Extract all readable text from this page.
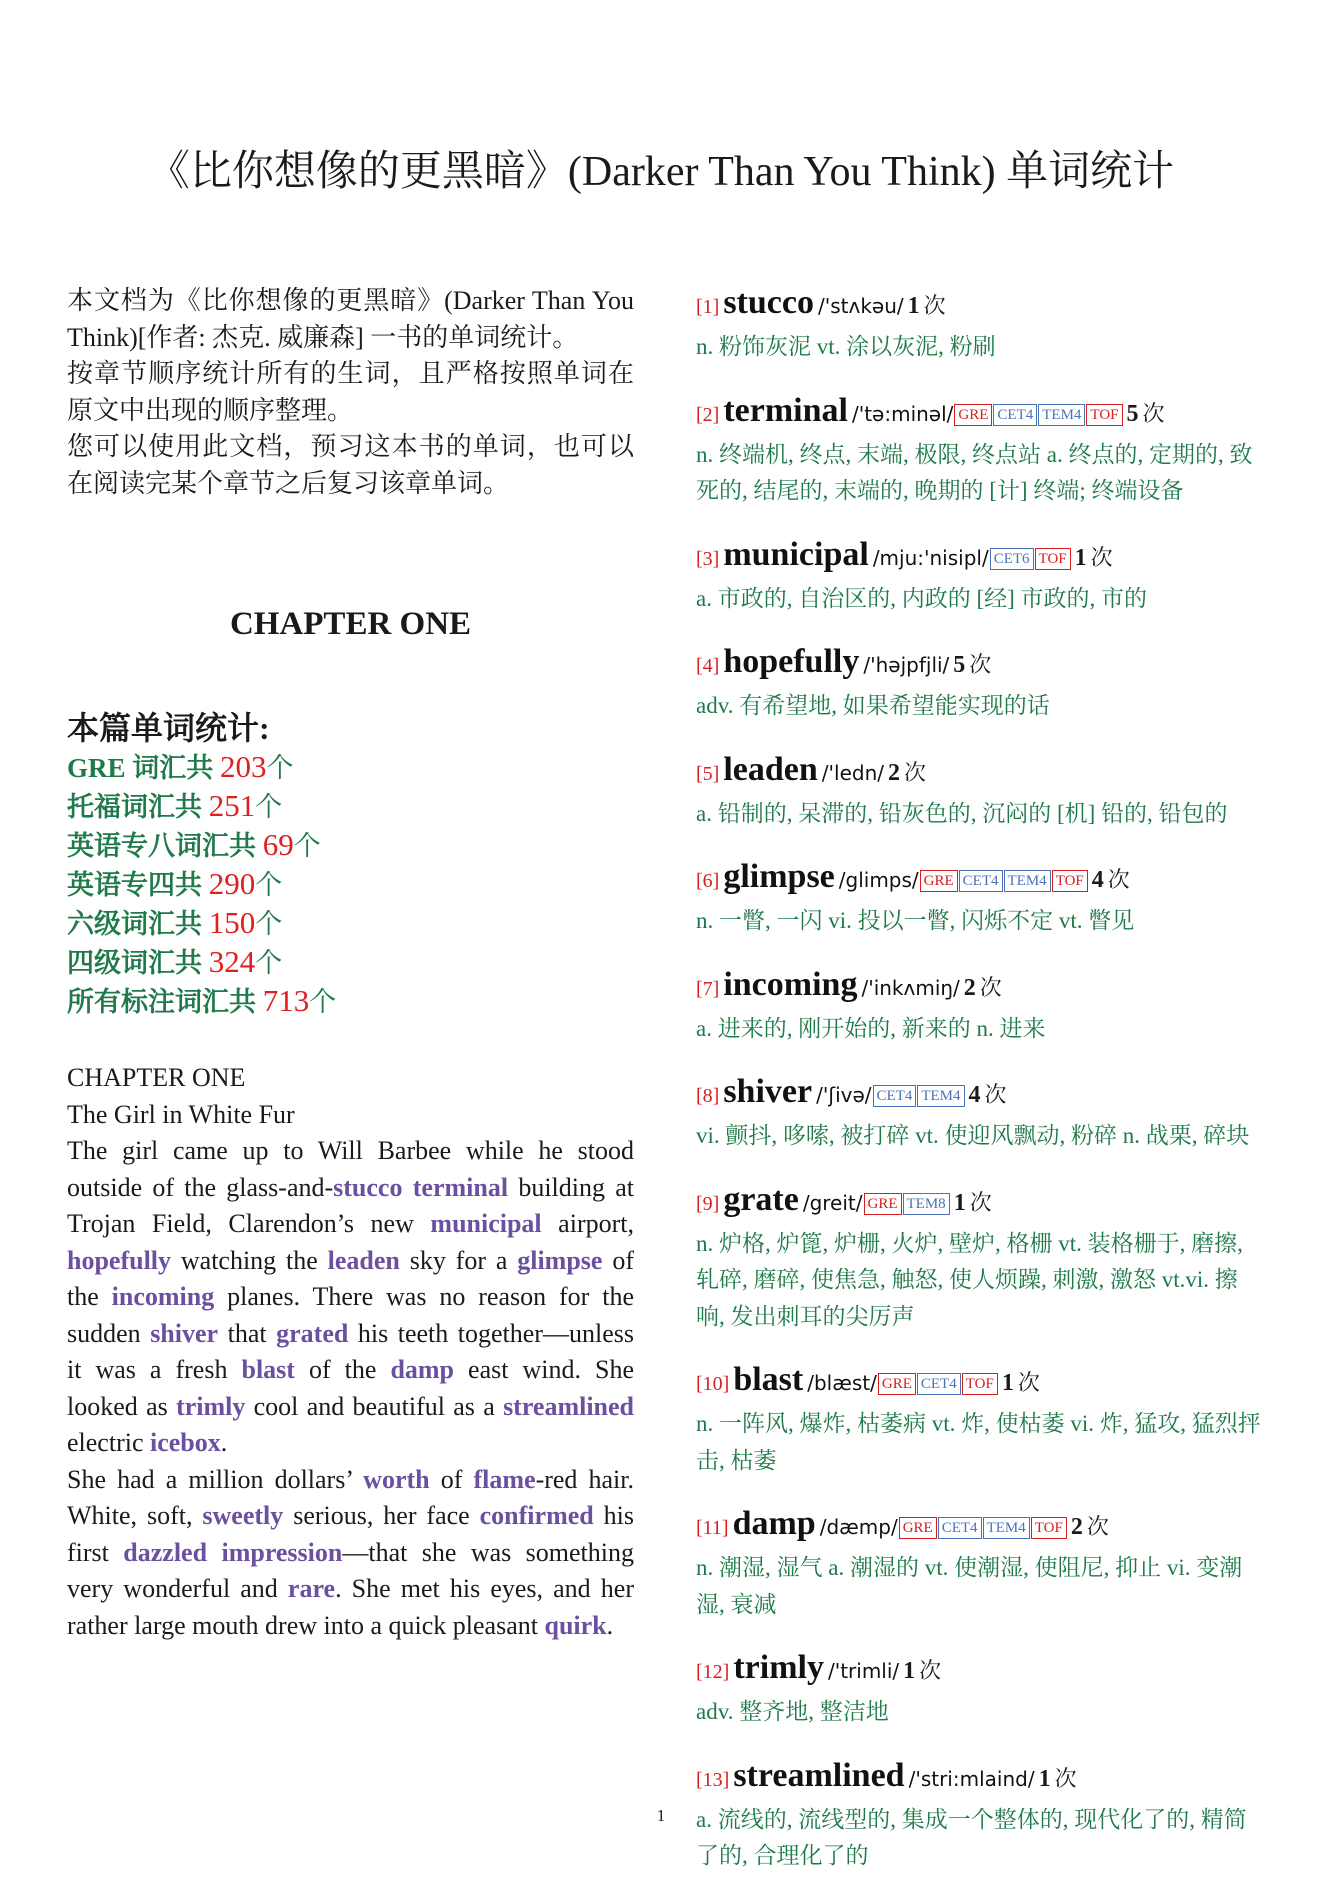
《比你想像的更黑暗》(Darker Than You Think) 单词统计

本文档为《比你想像的更黑暗》(Darker Than You Think)[作者: 杰克. 威廉森] 一书的单词统计。

按章节顺序统计所有的生词，且严格按照单词在原文中出现的顺序整理。

您可以使用此文档，预习这本书的单词，也可以在阅读完某个章节之后复习该章单词。

CHAPTER ONE
本篇单词统计:
GRE 词汇共 203个
托福词汇共 251个
英语专八词汇共 69个
英语专四共 290个
六级词汇共 150个
四级词汇共 324个
所有标注词汇共 713个

CHAPTER ONE

The Girl in White Fur

The girl came up to Will Barbee while he stood outside of the glass-and-stucco terminal building at Trojan Field, Clarendon’s new municipal airport, hopefully watching the leaden sky for a glimpse of the incoming planes. There was no reason for the sudden shiver that grated his teeth together—unless it was a fresh blast of the damp east wind. She looked as trimly cool and beautiful as a streamlined electric icebox.

She had a million dollars’ worth of flame-red hair. White, soft, sweetly serious, her face confirmed his first dazzled impression—that she was something very wonderful and rare. She met his eyes, and her rather large mouth drew into a quick pleasant quirk.

[1] stucco /'stʌkəu/ 1 次
n. 粉饰灰泥 vt. 涂以灰泥, 粉刷
[2] terminal /'tə:minəl/ GRE CET4 TEM4 TOF 5 次
n. 终端机, 终点, 末端, 极限, 终点站 a. 终点的, 定期的, 致死的, 结尾的, 末端的, 晚期的 [计] 终端; 终端设备
[3] municipal /mju:'nisipl/ CET6 TOF 1 次
a. 市政的, 自治区的, 内政的 [经] 市政的, 市的
[4] hopefully /'həjpfjli/ 5 次
adv. 有希望地, 如果希望能实现的话
[5] leaden /'ledn/ 2 次
a. 铅制的, 呆滞的, 铅灰色的, 沉闷的 [机] 铅的, 铅包的
[6] glimpse /glimps/ GRE CET4 TEM4 TOF 4 次
n. 一瞥, 一闪 vi. 投以一瞥, 闪烁不定 vt. 瞥见
[7] incoming /'inkʌmiŋ/ 2 次
a. 进来的, 刚开始的, 新来的 n. 进来
[8] shiver /'ʃivə/ CET4 TEM4 4 次
vi. 颤抖, 哆嗦, 被打碎 vt. 使迎风飘动, 粉碎 n. 战栗, 碎块
[9] grate /greit/ GRE TEM8 1 次
n. 炉格, 炉篦, 炉栅, 火炉, 壁炉, 格栅 vt. 装格栅于, 磨擦, 轧碎, 磨碎, 使焦急, 触怒, 使人烦躁, 刺激, 激怒 vt.vi. 擦响, 发出刺耳的尖厉声
[10] blast /blæst/ GRE CET4 TOF 1 次
n. 一阵风, 爆炸, 枯萎病 vt. 炸, 使枯萎 vi. 炸, 猛攻, 猛烈抨击, 枯萎
[11] damp /dæmp/ GRE CET4 TEM4 TOF 2 次
n. 潮湿, 湿气 a. 潮湿的 vt. 使潮湿, 使阻尼, 抑止 vi. 变潮湿, 衰减
[12] trimly /'trimli/ 1 次
adv. 整齐地, 整洁地
[13] streamlined /'stri:mlaind/ 1 次
a. 流线的, 流线型的, 集成一个整体的, 现代化了的, 精简了的, 合理化了的
1
